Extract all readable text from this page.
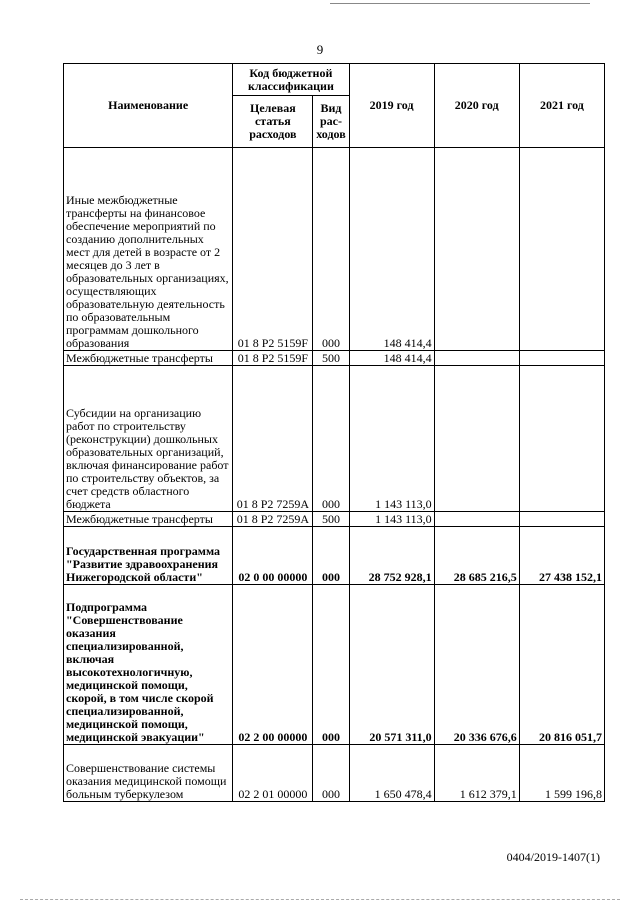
9
Наименование	Код бюджетной классификации		2019 год	2020 год	2021 год
	Целевая статья расходов	Вид рас-ходов			
Иные межбюджетные трансферты на финансовое обеспечение мероприятий по созданию дополнительных мест для детей в возрасте от 2 месяцев до 3 лет в образовательных организациях, осуществляющих образовательную деятельность по образовательным программам дошкольного образования	01 8 P2 5159F	000	148 414,4		
Межбюджетные трансферты	01 8 P2 5159F	500	148 414,4		
Субсидии на организацию работ по строительству (реконструкции) дошкольных образовательных организаций, включая финансирование работ по строительству объектов, за счет средств областного бюджета	01 8 P2 7259A	000	1 143 113,0		
Межбюджетные трансферты	01 8 P2 7259A	500	1 143 113,0		
Государственная программа "Развитие здравоохранения Нижегородской области"	02 0 00 00000	000	28 752 928,1	28 685 216,5	27 438 152,1
Подпрограмма "Совершенствование оказания специализированной, включая высокотехнологичную, медицинской помощи, скорой, в том числе скорой специализированной, медицинской помощи, медицинской эвакуации"	02 2 00 00000	000	20 571 311,0	20 336 676,6	20 816 051,7
Совершенствование системы оказания медицинской помощи больным туберкулезом	02 2 01 00000	000	1 650 478,4	1 612 379,1	1 599 196,8
0404/2019-1407(1)
